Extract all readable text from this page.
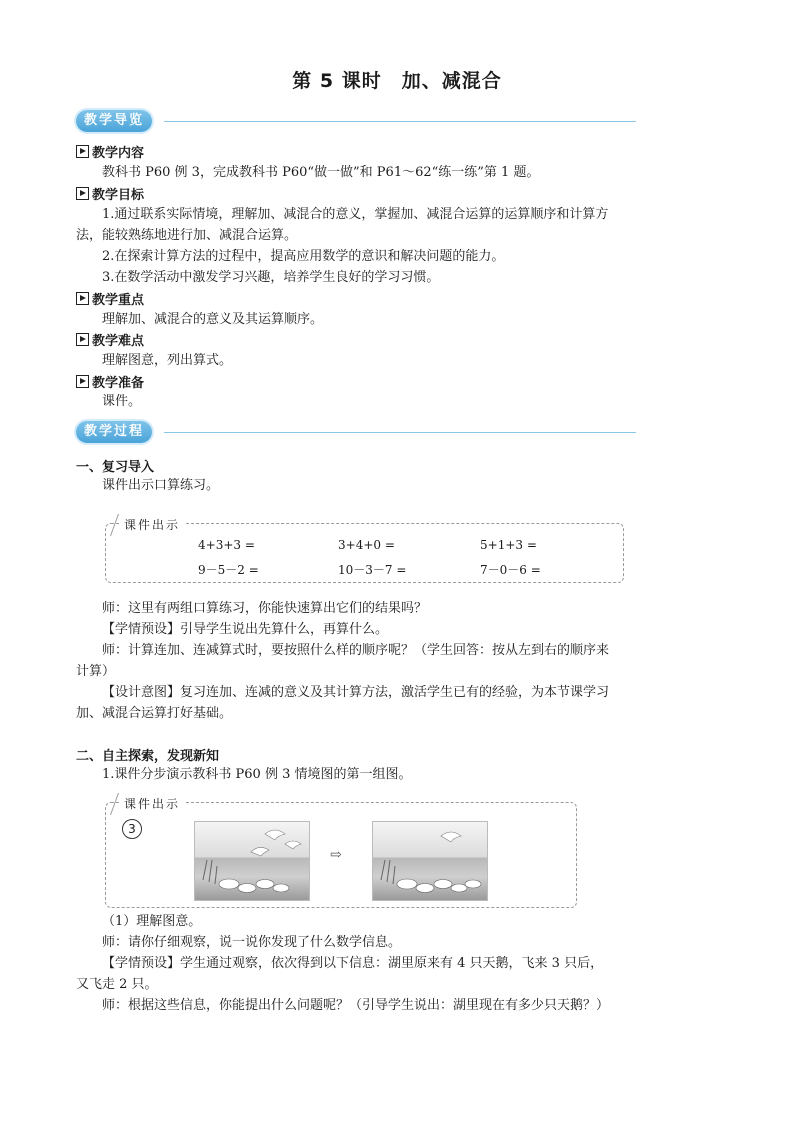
第 5 课时　加、减混合
教学导览
教学内容
教科书 P60 例 3，完成教科书 P60“做一做”和 P61～62“练一练”第 1 题。
教学目标
1.通过联系实际情境，理解加、减混合的意义，掌握加、减混合运算的运算顺序和计算方法，能较熟练地进行加、减混合运算。
2.在探索计算方法的过程中，提高应用数学的意识和解决问题的能力。
3.在数学活动中激发学习兴趣，培养学生良好的学习习惯。
教学重点
理解加、减混合的意义及其运算顺序。
教学难点
理解图意，列出算式。
教学准备
课件。
教学过程
一、复习导入
课件出示口算练习。
课件出示
4+3+3 =	3+4+0 =	5+1+3 =
9－5－2 =	10－3－7 =	7－0－6 =
师：这里有两组口算练习，你能快速算出它们的结果吗？
【学情预设】引导学生说出先算什么，再算什么。
师：计算连加、连减算式时，要按照什么样的顺序呢？（学生回答：按从左到右的顺序来计算）
【设计意图】复习连加、连减的意义及其计算方法，激活学生已有的经验，为本节课学习加、减混合运算打好基础。
二、自主探索，发现新知
1.课件分步演示教科书 P60 例 3 情境图的第一组图。
课件出示
3
⇨
（1）理解图意。
师：请你仔细观察，说一说你发现了什么数学信息。
【学情预设】学生通过观察，依次得到以下信息：湖里原来有 4 只天鹅，飞来 3 只后，又飞走 2 只。
师：根据这些信息，你能提出什么问题呢？（引导学生说出：湖里现在有多少只天鹅？）
